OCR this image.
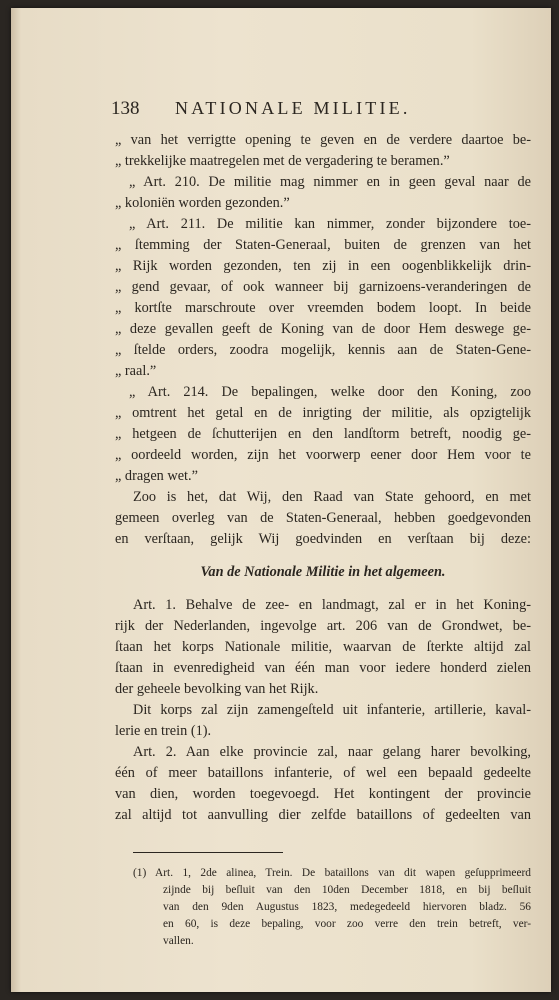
138 NATIONALE MILITIE.
„ van het verrigtte opening te geven en de verdere daartoe be-
„ trekkelijke maatregelen met de vergadering te beramen.”
„ Art. 210. De militie mag nimmer en in geen geval naar de
„ koloniën worden gezonden.”
„ Art. 211. De militie kan nimmer, zonder bijzondere toe-
„ ſtemming der Staten-Generaal, buiten de grenzen van het
„ Rijk worden gezonden, ten zij in een oogenblikkelijk drin-
„ gend gevaar, of ook wanneer bij garnizoens-veranderingen de
„ kortſte marschroute over vreemden bodem loopt. In beide
„ deze gevallen geeft de Koning van de door Hem deswege ge-
„ ſtelde orders, zoodra mogelijk, kennis aan de Staten-Gene-
„ raal.”
„ Art. 214. De bepalingen, welke door den Koning, zoo
„ omtrent het getal en de inrigting der militie, als opzigtelijk
„ hetgeen de ſchutterijen en den landſtorm betreft, noodig ge-
„ oordeeld worden, zijn het voorwerp eener door Hem voor te
„ dragen wet.”
Zoo is het, dat Wij, den Raad van State gehoord, en met
gemeen overleg van de Staten-Generaal, hebben goedgevonden
en verſtaan, gelijk Wij goedvinden en verſtaan bij deze:
Van de Nationale Militie in het algemeen.
Art. 1. Behalve de zee- en landmagt, zal er in het Koning-
rijk der Nederlanden, ingevolge art. 206 van de Grondwet, be-
ſtaan het korps Nationale militie, waarvan de ſterkte altijd zal
ſtaan in evenredigheid van één man voor iedere honderd zielen
der geheele bevolking van het Rijk.
Dit korps zal zijn zamengeſteld uit infanterie, artillerie, kaval-
lerie en trein (1).
Art. 2. Aan elke provincie zal, naar gelang harer bevolking,
één of meer bataillons infanterie, of wel een bepaald gedeelte
van dien, worden toegevoegd. Het kontingent der provincie
zal altijd tot aanvulling dier zelfde bataillons of gedeelten van
(1) Art. 1, 2de alinea, Trein. De bataillons van dit wapen geſupprimeerd
zijnde bij beſluit van den 10den December 1818, en bij beſluit
van den 9den Augustus 1823, medegedeeld hiervoren bladz. 56
en 60, is deze bepaling, voor zoo verre den trein betreft, ver-
vallen.
